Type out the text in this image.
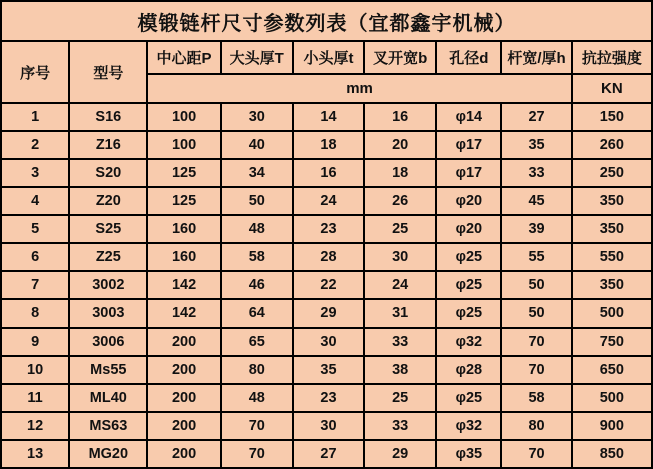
模锻链杆尺寸参数列表（宜都鑫宇机械）								
序号	型号	中心距P	大头厚T	小头厚t	叉开宽b	孔径d	杆宽/厚h	抗拉强度
		mm						KN
1	S16	100	30	14	16	φ14	27	150
2	Z16	100	40	18	20	φ17	35	260
3	S20	125	34	16	18	φ17	33	250
4	Z20	125	50	24	26	φ20	45	350
5	S25	160	48	23	25	φ20	39	350
6	Z25	160	58	28	30	φ25	55	550
7	3002	142	46	22	24	φ25	50	350
8	3003	142	64	29	31	φ25	50	500
9	3006	200	65	30	33	φ32	70	750
10	Ms55	200	80	35	38	φ28	70	650
11	ML40	200	48	23	25	φ25	58	500
12	MS63	200	70	30	33	φ32	80	900
13	MG20	200	70	27	29	φ35	70	850
